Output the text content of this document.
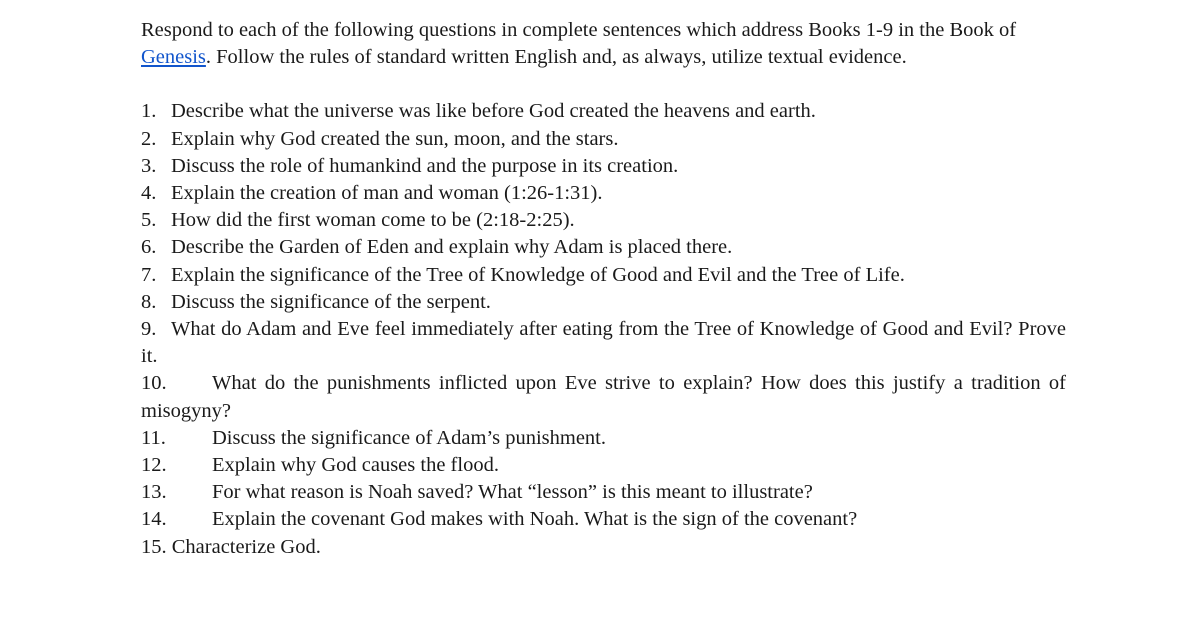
Respond to each of the following questions in complete sentences which address Books 1-9 in the Book of Genesis. Follow the rules of standard written English and, as always, utilize textual evidence.

1. Describe what the universe was like before God created the heavens and earth.
2. Explain why God created the sun, moon, and the stars.
3. Discuss the role of humankind and the purpose in its creation.
4. Explain the creation of man and woman (1:26-1:31).
5. How did the first woman come to be (2:18-2:25).
6. Describe the Garden of Eden and explain why Adam is placed there.
7. Explain the significance of the Tree of Knowledge of Good and Evil and the Tree of Life.
8. Discuss the significance of the serpent.
9. What do Adam and Eve feel immediately after eating from the Tree of Knowledge of Good and Evil? Prove it.
10. What do the punishments inflicted upon Eve strive to explain? How does this justify a tradition of misogyny?
11. Discuss the significance of Adam’s punishment.
12. Explain why God causes the flood.
13. For what reason is Noah saved? What “lesson” is this meant to illustrate?
14. Explain the covenant God makes with Noah. What is the sign of the covenant?
15. Characterize God.
